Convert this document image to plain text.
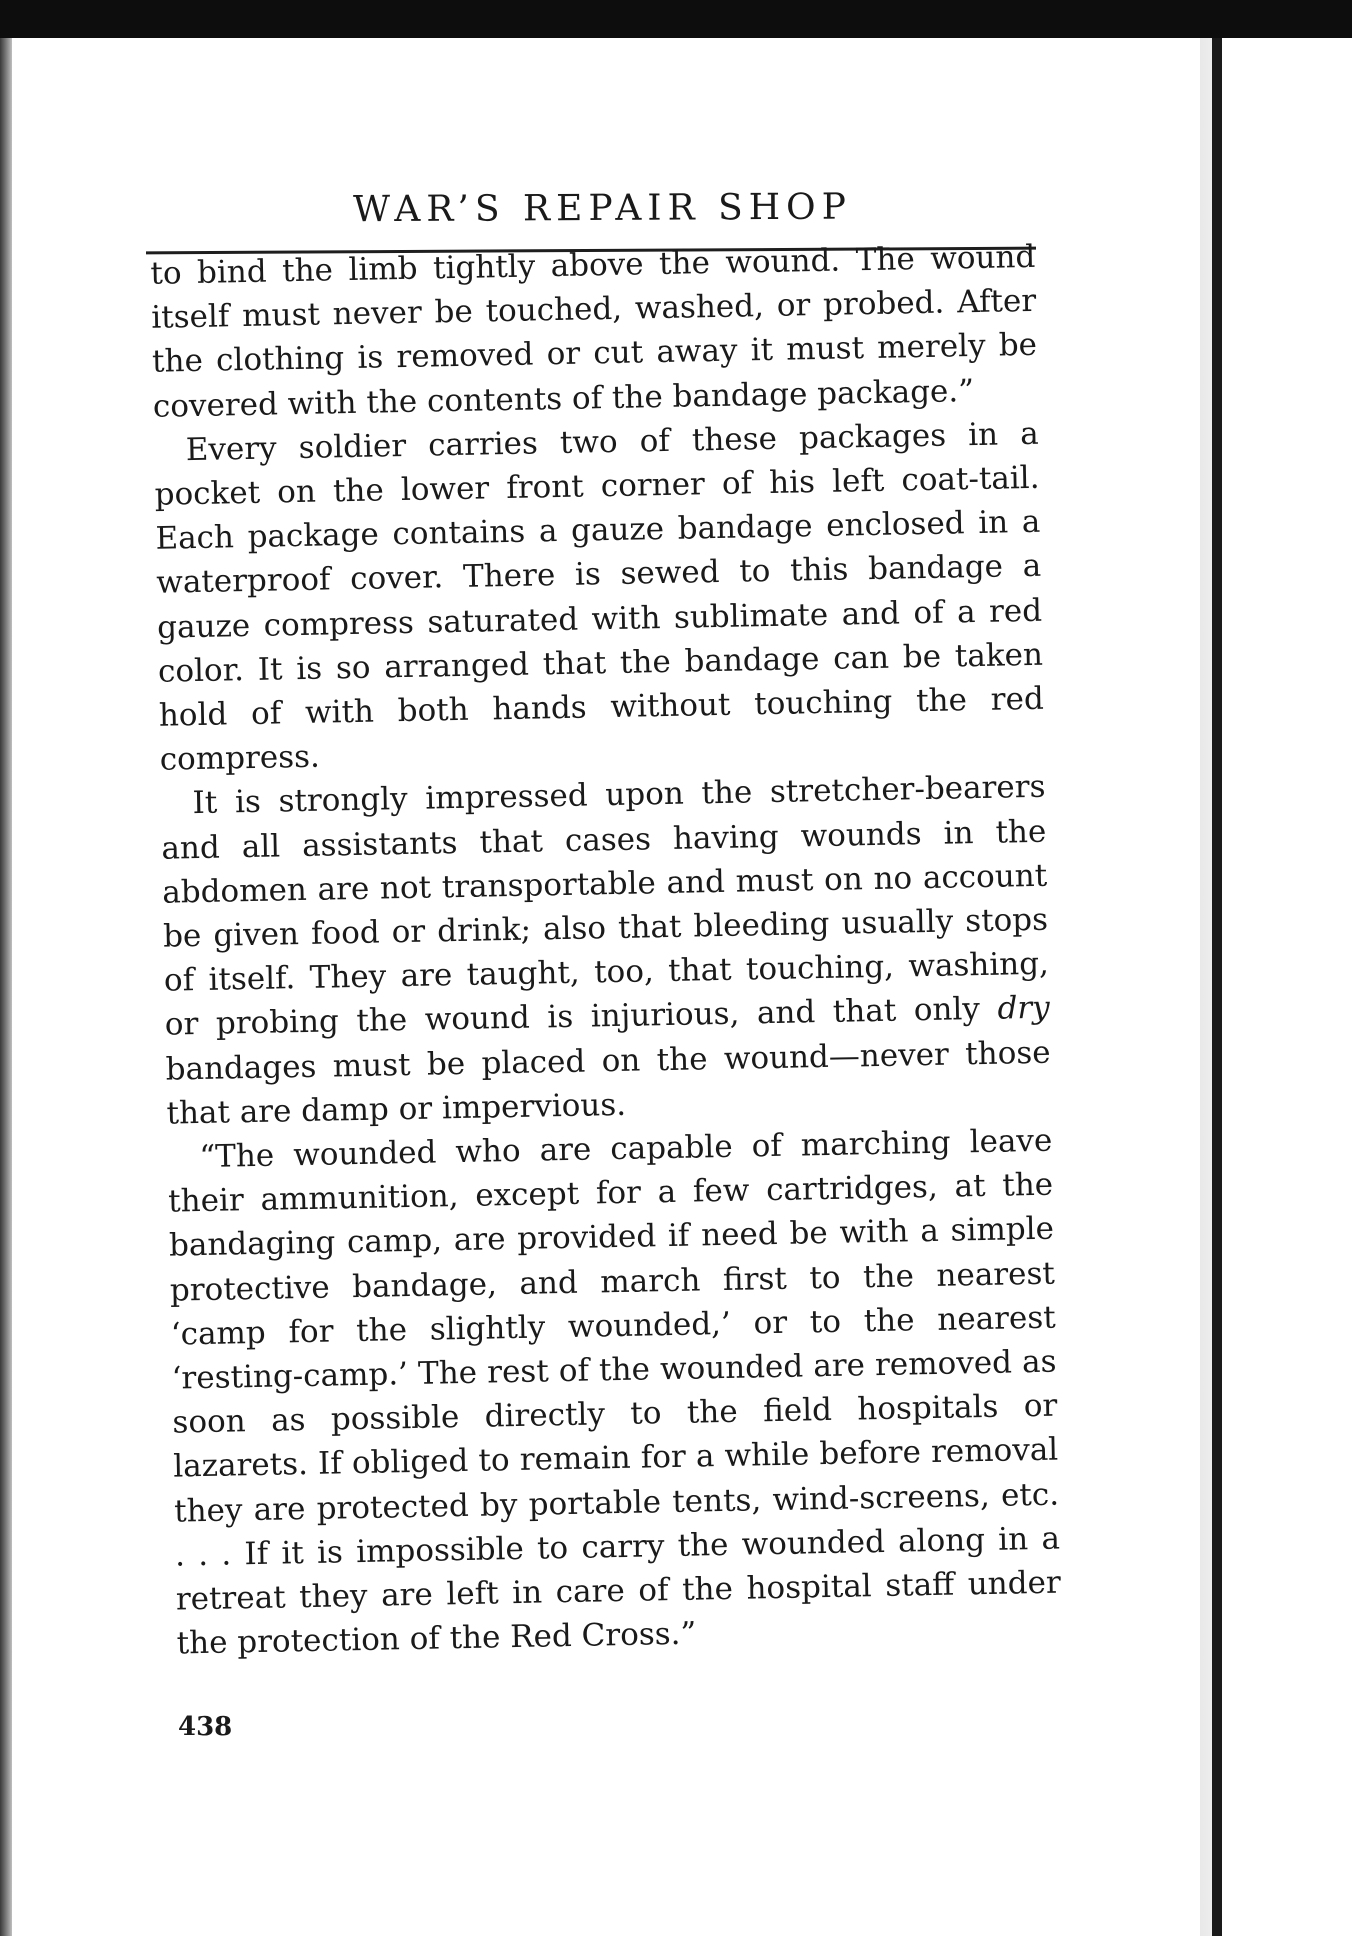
WAR’S REPAIR SHOP

to bind the limb tightly above the wound. The wound itself must never be touched, washed, or probed. After the clothing is removed or cut away it must merely be covered with the contents of the bandage package.”

Every soldier carries two of these packages in a pocket on the lower front corner of his left coat-tail. Each package contains a gauze bandage enclosed in a waterproof cover. There is sewed to this bandage a gauze compress saturated with sublimate and of a red color. It is so arranged that the bandage can be taken hold of with both hands without touching the red compress.

It is strongly impressed upon the stretcher-bearers and all assistants that cases having wounds in the abdomen are not transportable and must on no account be given food or drink; also that bleeding usually stops of itself. They are taught, too, that touching, washing, or probing the wound is injurious, and that only dry bandages must be placed on the wound—never those that are damp or impervious.

“The wounded who are capable of marching leave their ammunition, except for a few cartridges, at the bandaging camp, are provided if need be with a simple protective bandage, and march first to the nearest ‘camp for the slightly wounded,’ or to the nearest ‘resting-camp.’ The rest of the wounded are removed as soon as possible directly to the field hospitals or lazarets. If obliged to remain for a while before removal they are protected by portable tents, wind-screens, etc. . . . If it is impossible to carry the wounded along in a retreat they are left in care of the hospital staff under the protection of the Red Cross.”

438
